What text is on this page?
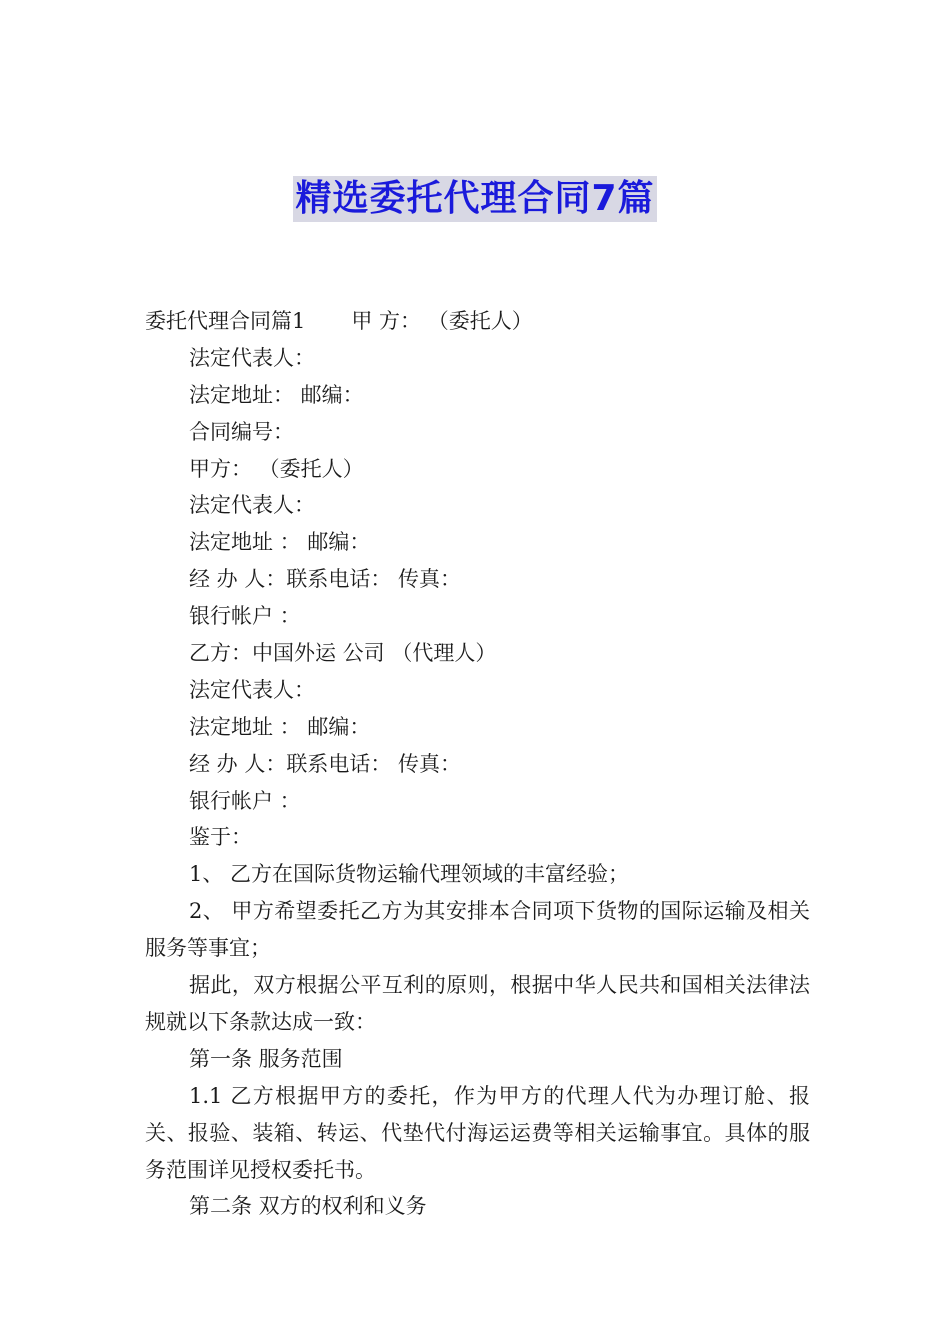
精选委托代理合同7篇
委托代理合同篇1 甲 方： （委托人）
法定代表人：
法定地址： 邮编：
合同编号：
甲方： （委托人）
法定代表人：
法定地址 ： 邮编：
经 办 人：联系电话： 传真：
银行帐户 ：
乙方：中国外运 公司 （代理人）
法定代表人：
法定地址 ： 邮编：
经 办 人：联系电话： 传真：
银行帐户 ：
鉴于：
1、 乙方在国际货物运输代理领域的丰富经验；
2、 甲方希望委托乙方为其安排本合同项下货物的国际运输及相关服务等事宜；
据此，双方根据公平互利的原则，根据中华人民共和国相关法律法规就以下条款达成一致：
第一条 服务范围
1.1 乙方根据甲方的委托，作为甲方的代理人代为办理订舱、报关、报验、装箱、转运、代垫代付海运运费等相关运输事宜。具体的服务范围详见授权委托书。
第二条 双方的权利和义务
